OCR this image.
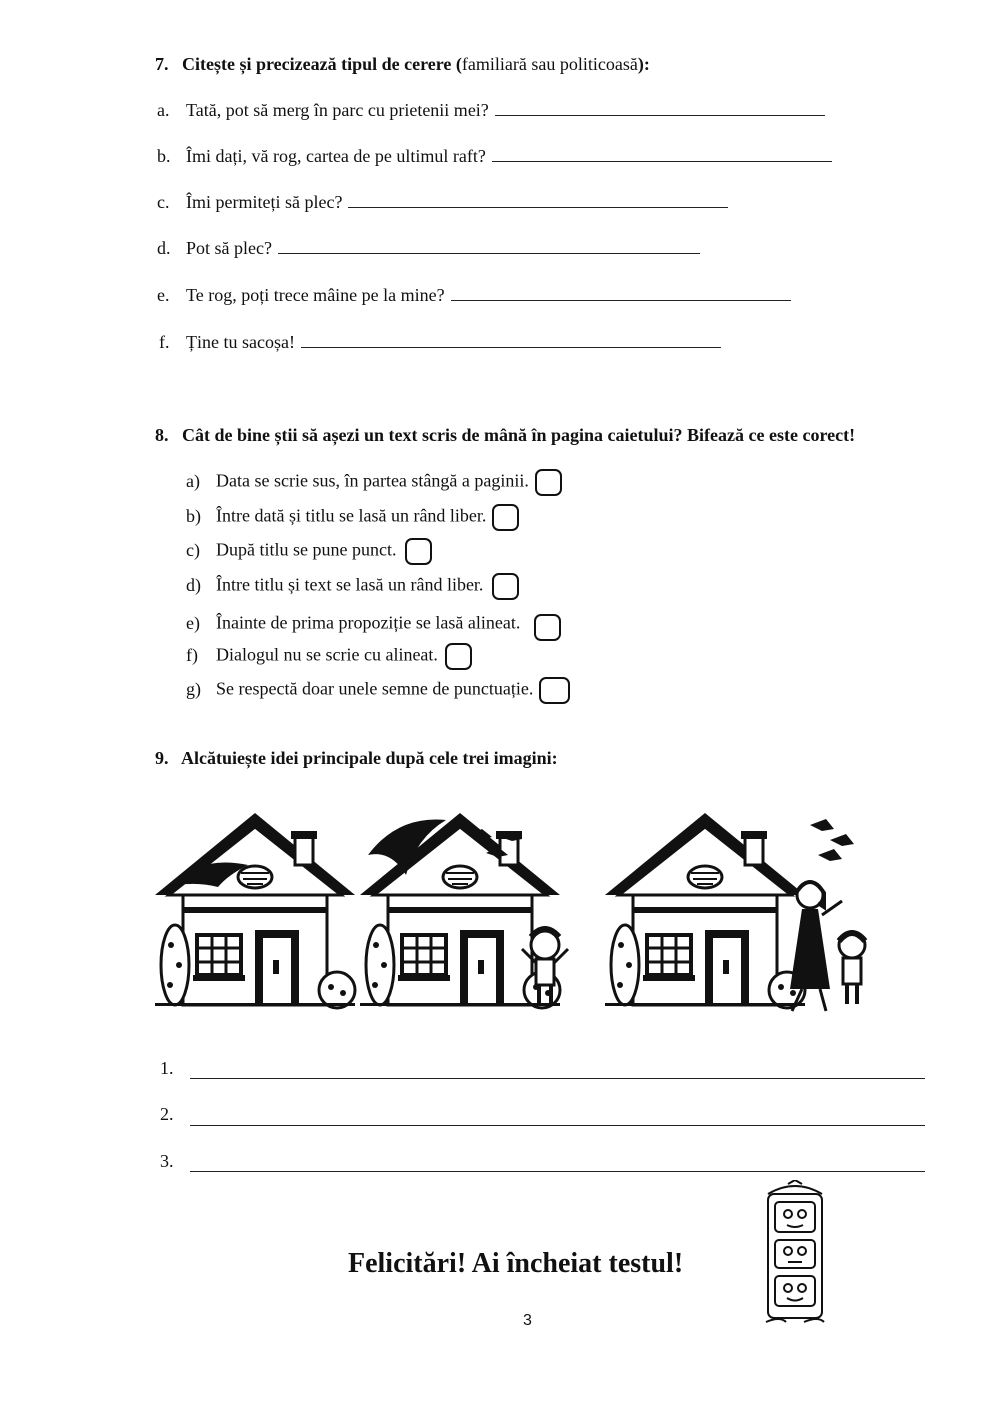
7. Citește și precizează tipul de cerere (familiară sau politicoasă):
a. Tată, pot să merg în parc cu prietenii mei?
b. Îmi dați, vă rog, cartea de pe ultimul raft?
c. Îmi permiteți să plec?
d. Pot să plec?
e. Te rog, poți trece mâine pe la mine?
f. Ține tu sacoșa!
8. Cât de bine știi să așezi un text scris de mână în pagina caietului? Bifează ce este corect!
a) Data se scrie sus, în partea stângă a paginii.
b) Între dată și titlu se lasă un rând liber.
c) După titlu se pune punct.
d) Între titlu și text se lasă un rând liber.
e) Înainte de prima propoziție se lasă alineat.
f) Dialogul nu se scrie cu alineat.
g) Se respectă doar unele semne de punctuație.
9. Alcătuiește idei principale după cele trei imagini:
1.
2.
3.
Felicitări! Ai încheiat testul!
3
